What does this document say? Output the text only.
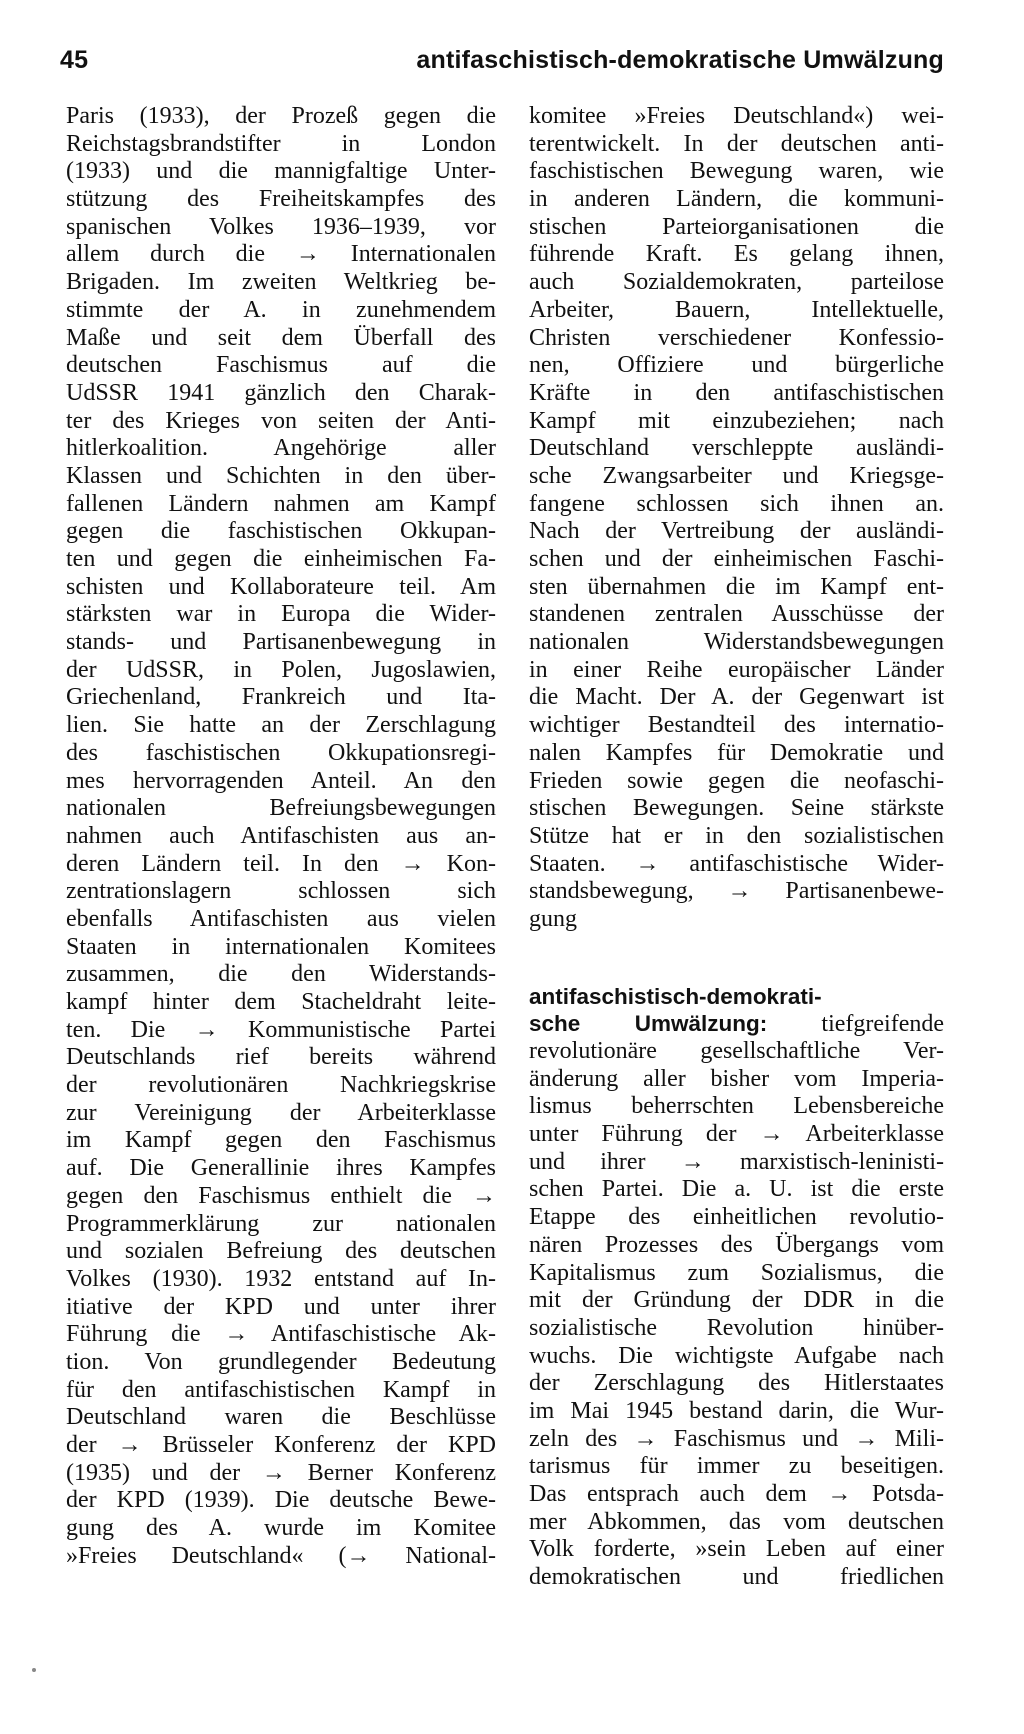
45	antifaschistisch-demokratische Umwälzung
Paris (1933), der Prozeß gegen die
Reichstagsbrandstifter in London
(1933) und die mannigfaltige Unter-
stützung des Freiheitskampfes des
spanischen Volkes 1936–1939, vor
allem durch die → Internationalen
Brigaden. Im zweiten Weltkrieg be-
stimmte der A. in zunehmendem
Maße und seit dem Überfall des
deutschen Faschismus auf die
UdSSR 1941 gänzlich den Charak-
ter des Krieges von seiten der Anti-
hitlerkoalition. Angehörige aller
Klassen und Schichten in den über-
fallenen Ländern nahmen am Kampf
gegen die faschistischen Okkupan-
ten und gegen die einheimischen Fa-
schisten und Kollaborateure teil. Am
stärksten war in Europa die Wider-
stands- und Partisanenbewegung in
der UdSSR, in Polen, Jugoslawien,
Griechenland, Frankreich und Ita-
lien. Sie hatte an der Zerschlagung
des faschistischen Okkupationsregi-
mes hervorragenden Anteil. An den
nationalen Befreiungsbewegungen
nahmen auch Antifaschisten aus an-
deren Ländern teil. In den → Kon-
zentrationslagern schlossen sich
ebenfalls Antifaschisten aus vielen
Staaten in internationalen Komitees
zusammen, die den Widerstands-
kampf hinter dem Stacheldraht leite-
ten. Die → Kommunistische Partei
Deutschlands rief bereits während
der revolutionären Nachkriegskrise
zur Vereinigung der Arbeiterklasse
im Kampf gegen den Faschismus
auf. Die Generallinie ihres Kampfes
gegen den Faschismus enthielt die →
Programmerklärung zur nationalen
und sozialen Befreiung des deutschen
Volkes (1930). 1932 entstand auf In-
itiative der KPD und unter ihrer
Führung die → Antifaschistische Ak-
tion. Von grundlegender Bedeutung
für den antifaschistischen Kampf in
Deutschland waren die Beschlüsse
der → Brüsseler Konferenz der KPD
(1935) und der → Berner Konferenz
der KPD (1939). Die deutsche Bewe-
gung des A. wurde im Komitee
»Freies Deutschland« (→ National-
komitee »Freies Deutschland«) wei-
terentwickelt. In der deutschen anti-
faschistischen Bewegung waren, wie
in anderen Ländern, die kommuni-
stischen Parteiorganisationen die
führende Kraft. Es gelang ihnen,
auch Sozialdemokraten, parteilose
Arbeiter, Bauern, Intellektuelle,
Christen verschiedener Konfessio-
nen, Offiziere und bürgerliche
Kräfte in den antifaschistischen
Kampf mit einzubeziehen; nach
Deutschland verschleppte ausländi-
sche Zwangsarbeiter und Kriegsge-
fangene schlossen sich ihnen an.
Nach der Vertreibung der ausländi-
schen und der einheimischen Faschi-
sten übernahmen die im Kampf ent-
standenen zentralen Ausschüsse der
nationalen Widerstandsbewegungen
in einer Reihe europäischer Länder
die Macht. Der A. der Gegenwart ist
wichtiger Bestandteil des internatio-
nalen Kampfes für Demokratie und
Frieden sowie gegen die neofaschi-
stischen Bewegungen. Seine stärkste
Stütze hat er in den sozialistischen
Staaten. → antifaschistische Wider-
standsbewegung, → Partisanenbewe-
gung
antifaschistisch-demokrati-
sche Umwälzung: tiefgreifende
revolutionäre gesellschaftliche Ver-
änderung aller bisher vom Imperia-
lismus beherrschten Lebensbereiche
unter Führung der → Arbeiterklasse
und ihrer → marxistisch-leninisti-
schen Partei. Die a. U. ist die erste
Etappe des einheitlichen revolutio-
nären Prozesses des Übergangs vom
Kapitalismus zum Sozialismus, die
mit der Gründung der DDR in die
sozialistische Revolution hinüber-
wuchs. Die wichtigste Aufgabe nach
der Zerschlagung des Hitlerstaates
im Mai 1945 bestand darin, die Wur-
zeln des → Faschismus und → Mili-
tarismus für immer zu beseitigen.
Das entsprach auch dem → Potsda-
mer Abkommen, das vom deutschen
Volk forderte, »sein Leben auf einer
demokratischen und friedlichen
